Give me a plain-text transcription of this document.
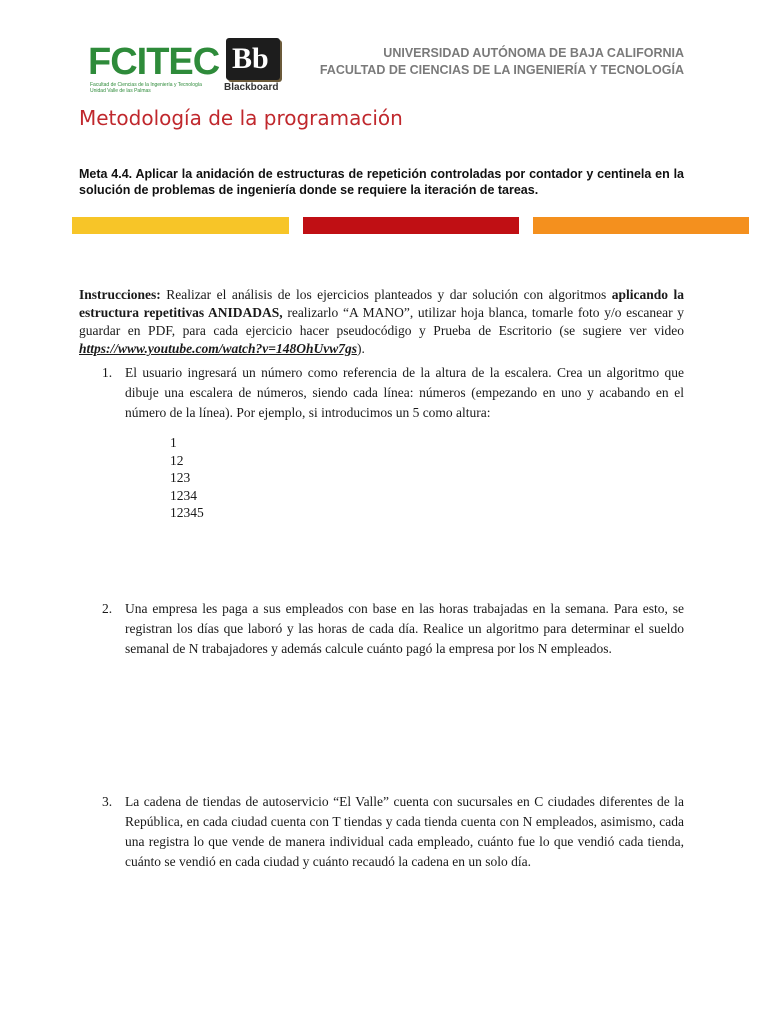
FCITEC
Facultad de Ciencias de la Ingeniería y Tecnología
Unidad Valle de las Palmas
Bb
Blackboard
UNIVERSIDAD AUTÓNOMA DE BAJA CALIFORNIA
FACULTAD DE CIENCIAS DE LA INGENIERÍA Y TECNOLOGÍA
Metodología de la programación
Meta 4.4. Aplicar la anidación de estructuras de repetición controladas por contador y centinela en la solución de problemas de ingeniería donde se requiere la iteración de tareas.
Instrucciones: Realizar el análisis de los ejercicios planteados y dar solución con algoritmos aplicando la estructura repetitivas ANIDADAS, realizarlo “A MANO”, utilizar hoja blanca, tomarle foto y/o escanear y guardar en PDF, para cada ejercicio hacer pseudocódigo y Prueba de Escritorio (se sugiere ver video https://www.youtube.com/watch?v=148OhUvw7gs).
1. El usuario ingresará un número como referencia de la altura de la escalera. Crea un algoritmo que dibuje una escalera de números, siendo cada línea: números (empezando en uno y acabando en el número de la línea). Por ejemplo, si introducimos un 5 como altura:
1
12
123
1234
12345
2. Una empresa les paga a sus empleados con base en las horas trabajadas en la semana. Para esto, se registran los días que laboró y las horas de cada día. Realice un algoritmo para determinar el sueldo semanal de N trabajadores y además calcule cuánto pagó la empresa por los N empleados.
3. La cadena de tiendas de autoservicio “El Valle” cuenta con sucursales en C ciudades diferentes de la República, en cada ciudad cuenta con T tiendas y cada tienda cuenta con N empleados, asimismo, cada una registra lo que vende de manera individual cada empleado, cuánto fue lo que vendió cada tienda, cuánto se vendió en cada ciudad y cuánto recaudó la cadena en un solo día.
